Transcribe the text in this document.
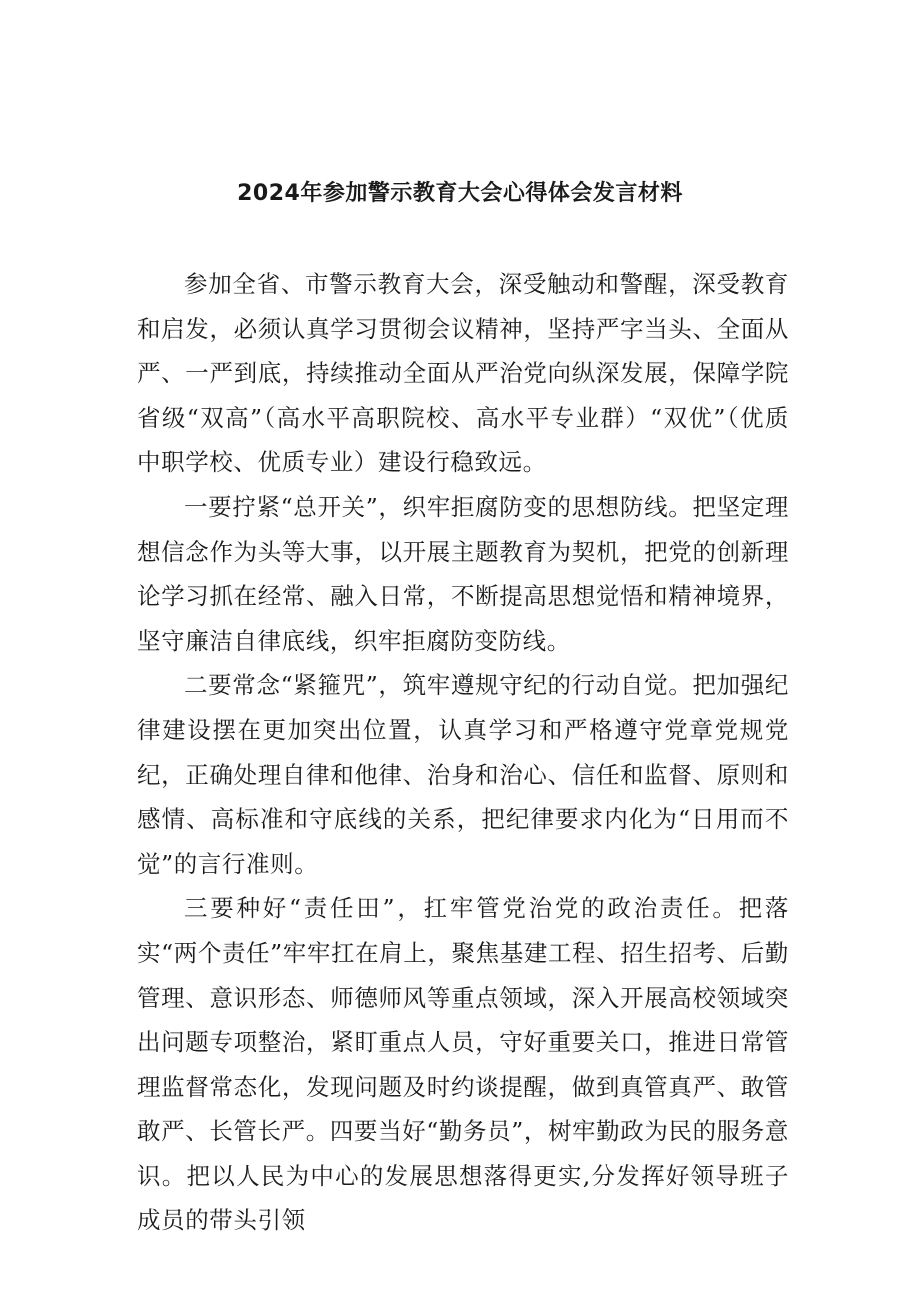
2024年参加警示教育大会心得体会发言材料

参加全省、市警示教育大会，深受触动和警醒，深受教育和启发，必须认真学习贯彻会议精神，坚持严字当头、全面从严、一严到底，持续推动全面从严治党向纵深发展，保障学院省级“双高”（高水平高职院校、高水平专业群）“双优”（优质中职学校、优质专业）建设行稳致远。

一要拧紧“总开关”，织牢拒腐防变的思想防线。把坚定理想信念作为头等大事，以开展主题教育为契机，把党的创新理论学习抓在经常、融入日常，不断提高思想觉悟和精神境界，坚守廉洁自律底线，织牢拒腐防变防线。

二要常念“紧箍咒”，筑牢遵规守纪的行动自觉。把加强纪律建设摆在更加突出位置，认真学习和严格遵守党章党规党纪，正确处理自律和他律、治身和治心、信任和监督、原则和感情、高标准和守底线的关系，把纪律要求内化为“日用而不觉”的言行准则。

三要种好“责任田”，扛牢管党治党的政治责任。把落实“两个责任”牢牢扛在肩上，聚焦基建工程、招生招考、后勤管理、意识形态、师德师风等重点领域，深入开展高校领域突出问题专项整治，紧盯重点人员，守好重要关口，推进日常管理监督常态化，发现问题及时约谈提醒，做到真管真严、敢管敢严、长管长严。四要当好“勤务员”，树牢勤政为民的服务意识。把以人民为中心的发展思想落得更实,分发挥好领导班子成员的带头引领
